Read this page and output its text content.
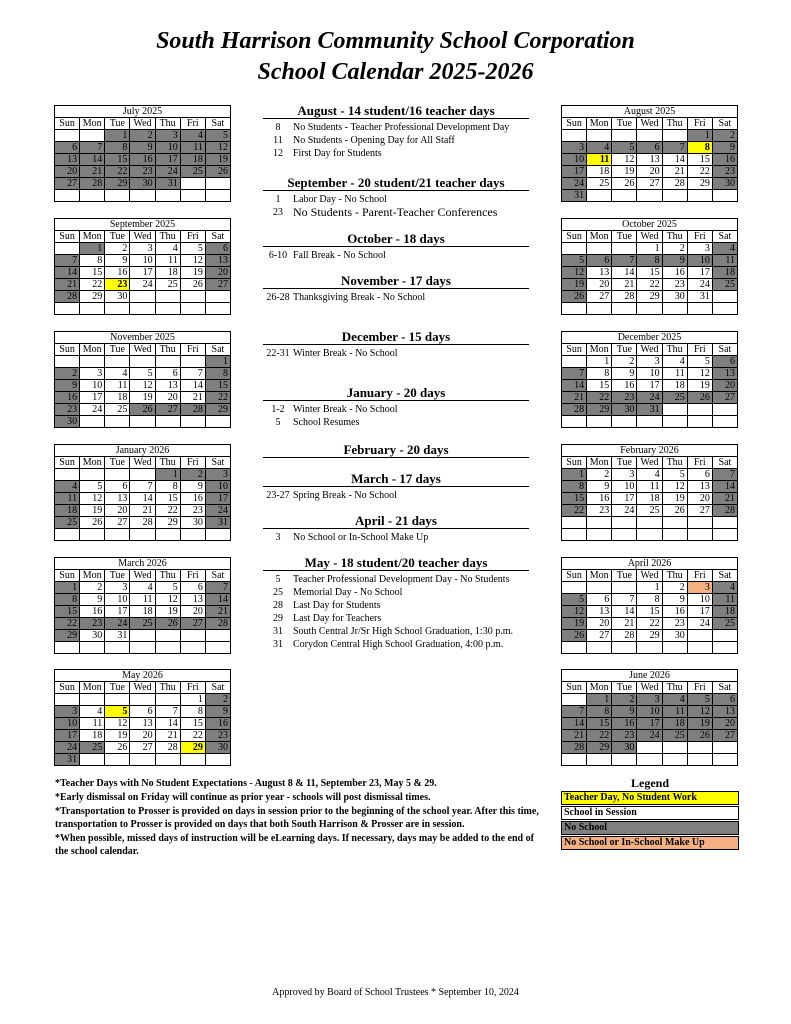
South Harrison Community School Corporation
School Calendar 2025-2026
July 2025						
Sun	Mon	Tue	Wed	Thu	Fri	Sat
		1	2	3	4	5
6	7	8	9	10	11	12
13	14	15	16	17	18	19
20	21	22	23	24	25	26
27	28	29	30	31		

September 2025						
Sun	Mon	Tue	Wed	Thu	Fri	Sat
	1	2	3	4	5	6
7	8	9	10	11	12	13
14	15	16	17	18	19	20
21	22	23	24	25	26	27
28	29	30				

November 2025						
Sun	Mon	Tue	Wed	Thu	Fri	Sat
						1
2	3	4	5	6	7	8
9	10	11	12	13	14	15
16	17	18	19	20	21	22
23	24	25	26	27	28	29
30						
January 2026						
Sun	Mon	Tue	Wed	Thu	Fri	Sat
				1	2	3
4	5	6	7	8	9	10
11	12	13	14	15	16	17
18	19	20	21	22	23	24
25	26	27	28	29	30	31

March 2026						
Sun	Mon	Tue	Wed	Thu	Fri	Sat
1	2	3	4	5	6	7
8	9	10	11	12	13	14
15	16	17	18	19	20	21
22	23	24	25	26	27	28
29	30	31				

May 2026						
Sun	Mon	Tue	Wed	Thu	Fri	Sat
					1	2
3	4	5	6	7	8	9
10	11	12	13	14	15	16
17	18	19	20	21	22	23
24	25	26	27	28	29	30
31						
August 2025						
Sun	Mon	Tue	Wed	Thu	Fri	Sat
					1	2
3	4	5	6	7	8	9
10	11	12	13	14	15	16
17	18	19	20	21	22	23
24	25	26	27	28	29	30
31						
October 2025						
Sun	Mon	Tue	Wed	Thu	Fri	Sat
			1	2	3	4
5	6	7	8	9	10	11
12	13	14	15	16	17	18
19	20	21	22	23	24	25
26	27	28	29	30	31	

December 2025						
Sun	Mon	Tue	Wed	Thu	Fri	Sat
	1	2	3	4	5	6
7	8	9	10	11	12	13
14	15	16	17	18	19	20
21	22	23	24	25	26	27
28	29	30	31			

February 2026						
Sun	Mon	Tue	Wed	Thu	Fri	Sat
1	2	3	4	5	6	7
8	9	10	11	12	13	14
15	16	17	18	19	20	21
22	23	24	25	26	27	28

April 2026						
Sun	Mon	Tue	Wed	Thu	Fri	Sat
			1	2	3	4
5	6	7	8	9	10	11
12	13	14	15	16	17	18
19	20	21	22	23	24	25
26	27	28	29	30		

June 2026						
Sun	Mon	Tue	Wed	Thu	Fri	Sat
	1	2	3	4	5	6
7	8	9	10	11	12	13
14	15	16	17	18	19	20
21	22	23	24	25	26	27
28	29	30				

August - 14 student/16 teacher days
8	No Students - Teacher Professional Development Day
11	No Students - Opening Day for All Staff
12	First Day for Students
September - 20 student/21 teacher days
1	Labor Day - No School
23 No Students - Parent-Teacher Conferences
October - 18 days
6-10 Fall Break - No School
November - 17 days
26-28 Thanksgiving Break - No School
December - 15 days
22-31 Winter Break - No School
January - 20 days
1-2 Winter Break - No School
5	School Resumes
February - 20 days
March - 17 days
23-27 Spring Break - No School
April - 21 days
3	No School or In-School Make Up
May - 18 student/20 teacher days
5	Teacher Professional Development Day - No Students
25	Memorial Day - No School
28	Last Day for Students
29	Last Day for Teachers
31	South Central Jr/Sr High School Graduation, 1:30 p.m.
31	Corydon Central High School Graduation, 4:00 p.m.

*Teacher Days with No Student Expectations - August 8 & 11, September 23, May 5 & 29.

*Early dismissal on Friday will continue as prior year - schools will post dismissal times.

*Transportation to Prosser is provided on days in session prior to the beginning of the school year. After this time, transportation to Prosser is provided on days that both South Harrison & Prosser are in session.

*When possible, missed days of instruction will be eLearning days. If necessary, days may be added to the end of the school calendar.

Legend
Teacher Day, No Student Work
School in Session
No School
No School or In-School Make Up
Approved by Board of School Trustees * September 10, 2024
